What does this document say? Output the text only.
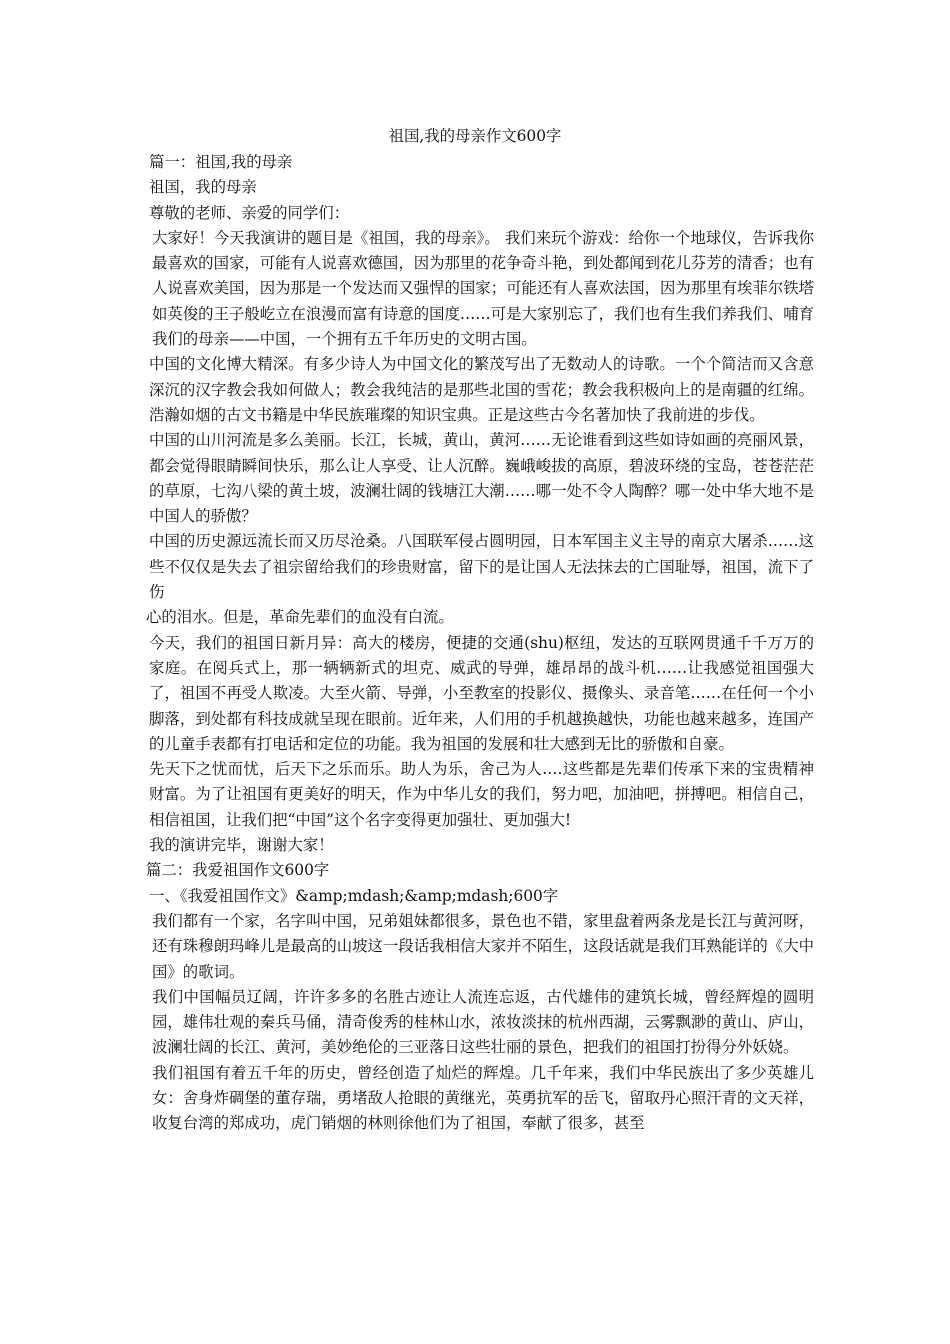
祖国,我的母亲作文600字

篇一：祖国,我的母亲

祖国，我的母亲

尊敬的老师、亲爱的同学们：

大家好！今天我演讲的题目是《祖国，我的母亲》。 我们来玩个游戏：给你一个地球仪，告诉我你最喜欢的国家，可能有人说喜欢德国，因为那里的花争奇斗艳，到处都闻到花儿芬芳的清香；也有人说喜欢美国，因为那是一个发达而又强悍的国家；可能还有人喜欢法国，因为那里有埃菲尔铁塔如英俊的王子般屹立在浪漫而富有诗意的国度……可是大家别忘了，我们也有生我们养我们、哺育我们的母亲——中国，一个拥有五千年历史的文明古国。

中国的文化博大精深。有多少诗人为中国文化的繁茂写出了无数动人的诗歌。一个个简洁而又含意深沉的汉字教会我如何做人；教会我纯洁的是那些北国的雪花；教会我积极向上的是南疆的红绵。浩瀚如烟的古文书籍是中华民族璀璨的知识宝典。正是这些古今名著加快了我前进的步伐。

中国的山川河流是多么美丽。长江，长城，黄山，黄河……无论谁看到这些如诗如画的亮丽风景，都会觉得眼睛瞬间快乐，那么让人享受、让人沉醉。巍峨峻拔的高原，碧波环绕的宝岛，苍苍茫茫的草原，七沟八梁的黄土坡，波澜壮阔的钱塘江大潮……哪一处不令人陶醉？哪一处中华大地不是中国人的骄傲？

中国的历史源远流长而又历尽沧桑。八国联军侵占圆明园，日本军国主义主导的南京大屠杀……这些不仅仅是失去了祖宗留给我们的珍贵财富，留下的是让国人无法抹去的亡国耻辱，祖国，流下了伤

心的泪水。但是，革命先辈们的血没有白流。

今天，我们的祖国日新月异：高大的楼房，便捷的交通(shu)枢纽，发达的互联网贯通千千万万的家庭。在阅兵式上，那一辆辆新式的坦克、威武的导弹，雄昂昂的战斗机……让我感觉祖国强大了，祖国不再受人欺凌。大至火箭、导弹，小至教室的投影仪、摄像头、录音笔……在任何一个小脚落，到处都有科技成就呈现在眼前。近年来，人们用的手机越换越快，功能也越来越多，连国产的儿童手表都有打电话和定位的功能。我为祖国的发展和壮大感到无比的骄傲和自豪。

先天下之忧而忧，后天下之乐而乐。助人为乐，舍己为人….这些都是先辈们传承下来的宝贵精神财富。为了让祖国有更美好的明天，作为中华儿女的我们，努力吧，加油吧，拼搏吧。相信自己，相信祖国，让我们把“中国”这个名字变得更加强壮、更加强大!

我的演讲完毕，谢谢大家！

篇二：我爱祖国作文600字

一、《我爱祖国作文》&amp;mdash;&amp;mdash;600字

我们都有一个家，名字叫中国，兄弟姐妹都很多，景色也不错，家里盘着两条龙是长江与黄河呀，还有珠穆朗玛峰儿是最高的山坡这一段话我相信大家并不陌生，这段话就是我们耳熟能详的《大中国》的歌词。

我们中国幅员辽阔，许许多多的名胜古迹让人流连忘返，古代雄伟的建筑长城，曾经辉煌的圆明园，雄伟壮观的秦兵马俑，清奇俊秀的桂林山水，浓妆淡抹的杭州西湖，云雾飘渺的黄山、庐山，波澜壮阔的长江、黄河，美妙绝伦的三亚落日这些壮丽的景色，把我们的祖国打扮得分外妖娆。

我们祖国有着五千年的历史，曾经创造了灿烂的辉煌。几千年来，我们中华民族出了多少英雄儿女：舍身炸碉堡的董存瑞，勇堵敌人抢眼的黄继光，英勇抗军的岳飞，留取丹心照汗青的文天祥，收复台湾的郑成功，虎门销烟的林则徐他们为了祖国，奉献了很多，甚至
